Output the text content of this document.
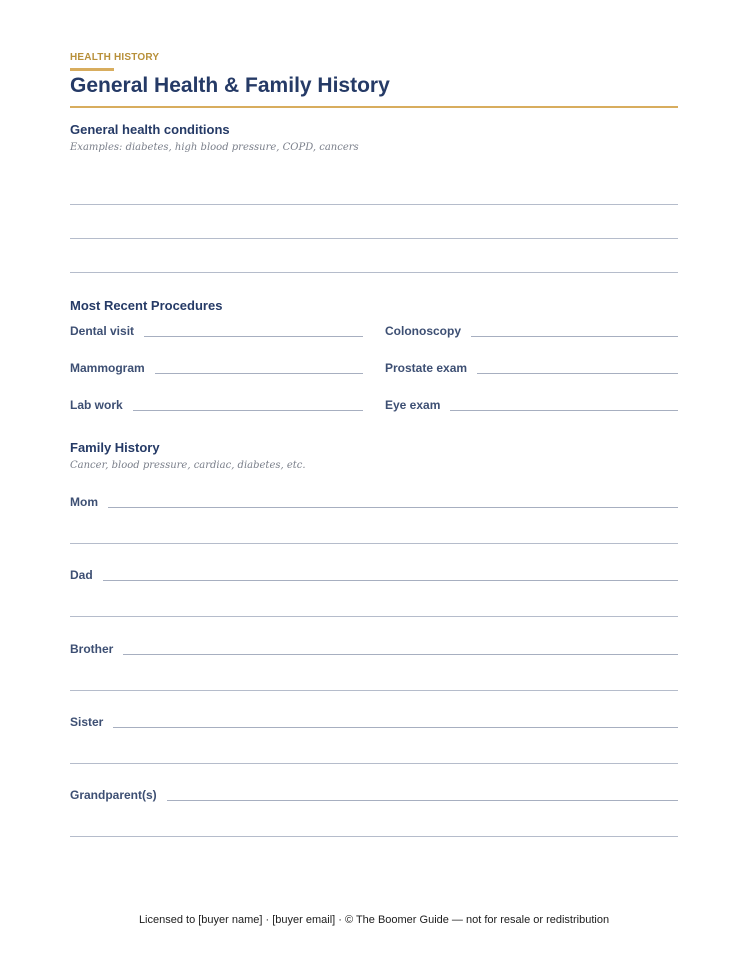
HEALTH HISTORY
General Health & Family History
General health conditions
Examples: diabetes, high blood pressure, COPD, cancers
Most Recent Procedures
Dental visit	Colonoscopy
Mammogram	Prostate exam
Lab work	Eye exam
Family History
Cancer, blood pressure, cardiac, diabetes, etc.
Mom
Dad
Brother
Sister
Grandparent(s)
Licensed to [buyer name] · [buyer email] · © The Boomer Guide — not for resale or redistribution
